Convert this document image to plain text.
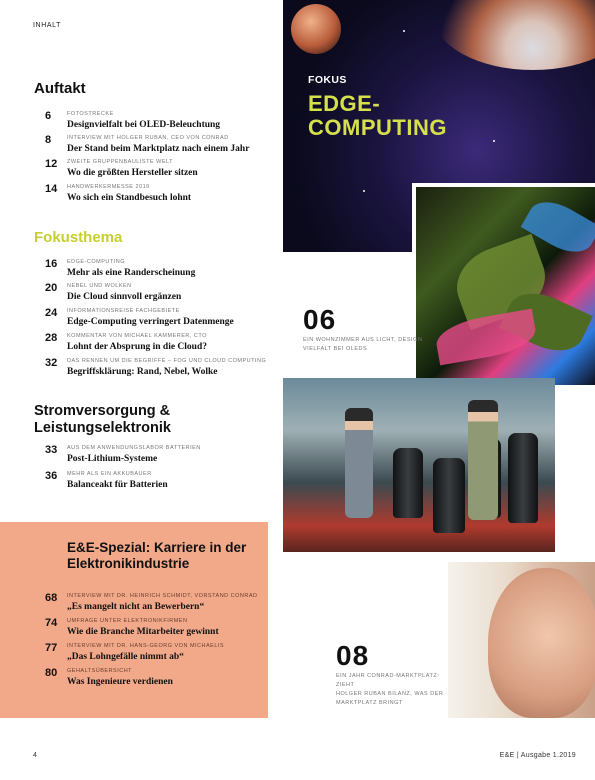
INHALT
Auftakt
6	FOTOSTRECKE
Designvielfalt bei OLED-Beleuchtung
8	INTERVIEW MIT HOLGER RUBAN, CEO VON CONRAD
Der Stand beim Marktplatz nach einem Jahr
12 ZWEITE GRUPPENBAULISTE WELT
Wo die größten Hersteller sitzen
14 HANDWERKERMESSE 2019
Wo sich ein Standbesuch lohnt
Fokusthema
16 EDGE-COMPUTING
Mehr als eine Randerscheinung
20 NEBEL UND WOLKEN
Die Cloud sinnvoll ergänzen
24 INFORMATIONSREISE FACHGEBIETE
Edge-Computing verringert Datenmenge
28 KOMMENTAR VON MICHAEL KAMMERER, CTO
Lohnt der Absprung in die Cloud?
32 DAS RENNEN UM DIE BEGRIFFE – FOG UND CLOUD COMPUTING
Begriffsklärung: Rand, Nebel, Wolke
Stromversorgung & Leistungselektronik
33 AUS DEM ANWENDUNGSLABOR BATTERIEN
Post-Lithium-Systeme
36 MEHR ALS EIN AKKUBAUER
Balanceakt für Batterien
E&E-Spezial: Karriere in der Elektronikindustrie
68 INTERVIEW MIT DR. HEINRICH SCHMIDT, VORSTAND CONRAD
„Es mangelt nicht an Bewerbern“
74 UMFRAGE UNTER ELEKTRONIKFIRMEN
Wie die Branche Mitarbeiter gewinnt
77 INTERVIEW MIT DR. HANS-GEORG VON MICHAELIS
„Das Lohngefälle nimmt ab“
80 GEHALTSÜBERSICHT
Was Ingenieure verdienen
FOKUS
EDGE-COMPUTING
06
EIN WOHNZIMMER AUS LICHT, DESIGN
VIELFALT BEI OLEDS
08
EIN JAHR CONRAD-MARKTPLATZ: ZIEHT
HOLGER RUBAN BILANZ, WAS DER
MARKTPLATZ BRINGT
4	E&E | Ausgabe 1.2019
